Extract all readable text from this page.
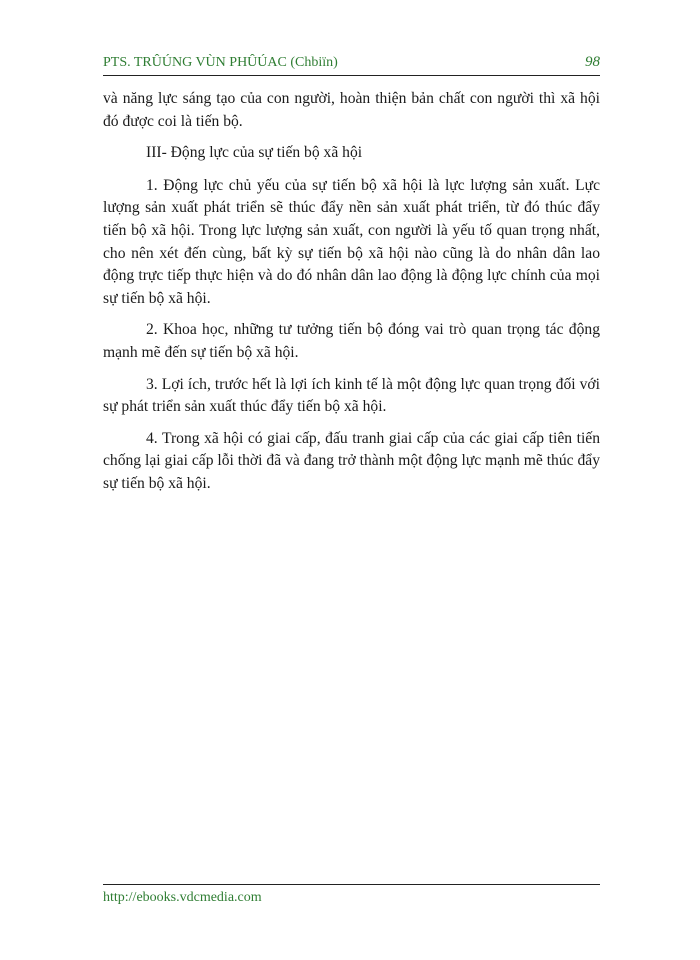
PTS. TRÛÚNG VÙN PHÛÚAC (Chbiïn)	98

và năng lực sáng tạo của con người, hoàn thiện bản chất con người thì xã hội đó được coi là tiến bộ.

III- Động lực của sự tiến bộ xã hội

1. Động lực chủ yếu của sự tiến bộ xã hội là lực lượng sản xuất. Lực lượng sản xuất phát triển sẽ thúc đẩy nền sản xuất phát triển, từ đó thúc đẩy tiến bộ xã hội. Trong lực lượng sản xuất, con người là yếu tố quan trọng nhất, cho nên xét đến cùng, bất kỳ sự tiến bộ xã hội nào cũng là do nhân dân lao động trực tiếp thực hiện và do đó nhân dân lao động là động lực chính của mọi sự tiến bộ xã hội.

2. Khoa học, những tư tưởng tiến bộ đóng vai trò quan trọng tác động mạnh mẽ đến sự tiến bộ xã hội.

3. Lợi ích, trước hết là lợi ích kinh tế là một động lực quan trọng đối với sự phát triển sản xuất thúc đẩy tiến bộ xã hội.

4. Trong xã hội có giai cấp, đấu tranh giai cấp của các giai cấp tiên tiến chống lại giai cấp lỗi thời đã và đang trở thành một động lực mạnh mẽ thúc đẩy sự tiến bộ xã hội.

http://ebooks.vdcmedia.com
